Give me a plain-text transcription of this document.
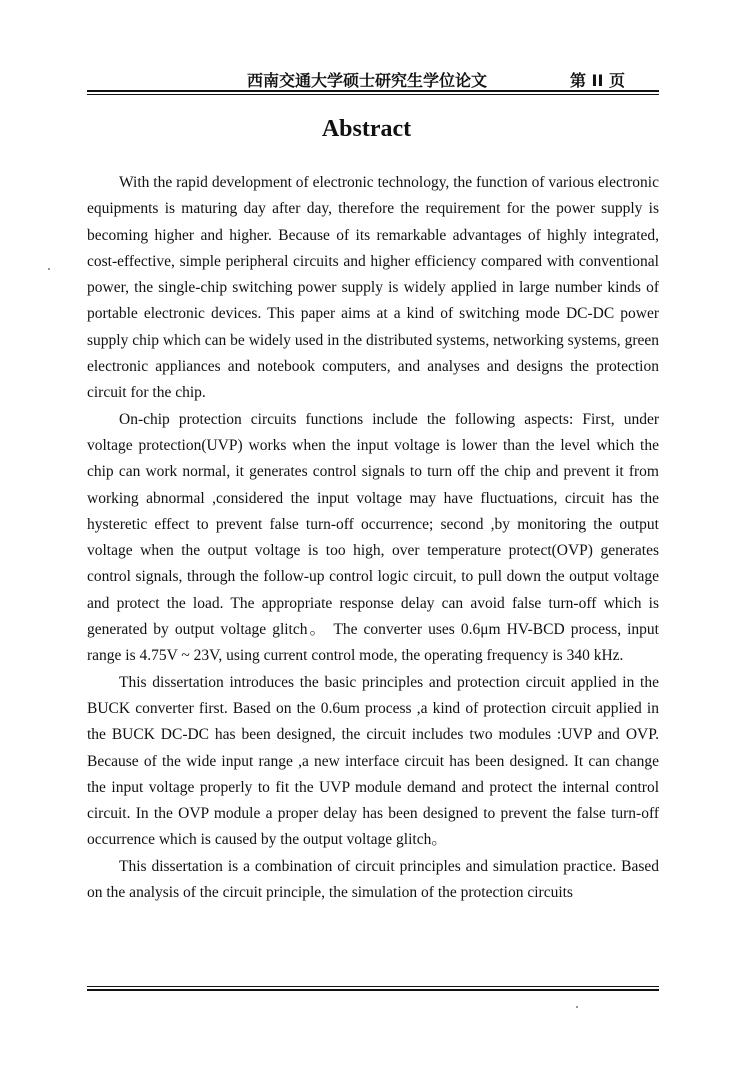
西南交通大学硕士研究生学位论文	第 II 页
Abstract

With the rapid development of electronic technology, the function of various electronic equipments is maturing day after day, therefore the requirement for the power supply is becoming higher and higher. Because of its remarkable advantages of highly integrated, cost-effective, simple peripheral circuits and higher efficiency compared with conventional power, the single-chip switching power supply is widely applied in large number kinds of portable electronic devices. This paper aims at a kind of switching mode DC-DC power supply chip which can be widely used in the distributed systems, networking systems, green electronic appliances and notebook computers, and analyses and designs the protection circuit for the chip.

On-chip protection circuits functions include the following aspects: First, under voltage protection(UVP) works when the input voltage is lower than the level which the chip can work normal, it generates control signals to turn off the chip and prevent it from working abnormal ,considered the input voltage may have fluctuations, circuit has the hysteretic effect to prevent false turn-off occurrence; second ,by monitoring the output voltage when the output voltage is too high, over temperature protect(OVP) generates control signals, through the follow-up control logic circuit, to pull down the output voltage and protect the load. The appropriate response delay can avoid false turn-off which is generated by output voltage glitch。 The converter uses 0.6μm HV-BCD process, input range is 4.75V ~ 23V, using current control mode, the operating frequency is 340 kHz.

This dissertation introduces the basic principles and protection circuit applied in the BUCK converter first. Based on the 0.6um process ,a kind of protection circuit applied in the BUCK DC-DC has been designed, the circuit includes two modules :UVP and OVP. Because of the wide input range ,a new interface circuit has been designed. It can change the input voltage properly to fit the UVP module demand and protect the internal control circuit. In the OVP module a proper delay has been designed to prevent the false turn-off occurrence which is caused by the output voltage glitch。

This dissertation is a combination of circuit principles and simulation practice. Based on the analysis of the circuit principle, the simulation of the protection circuits
